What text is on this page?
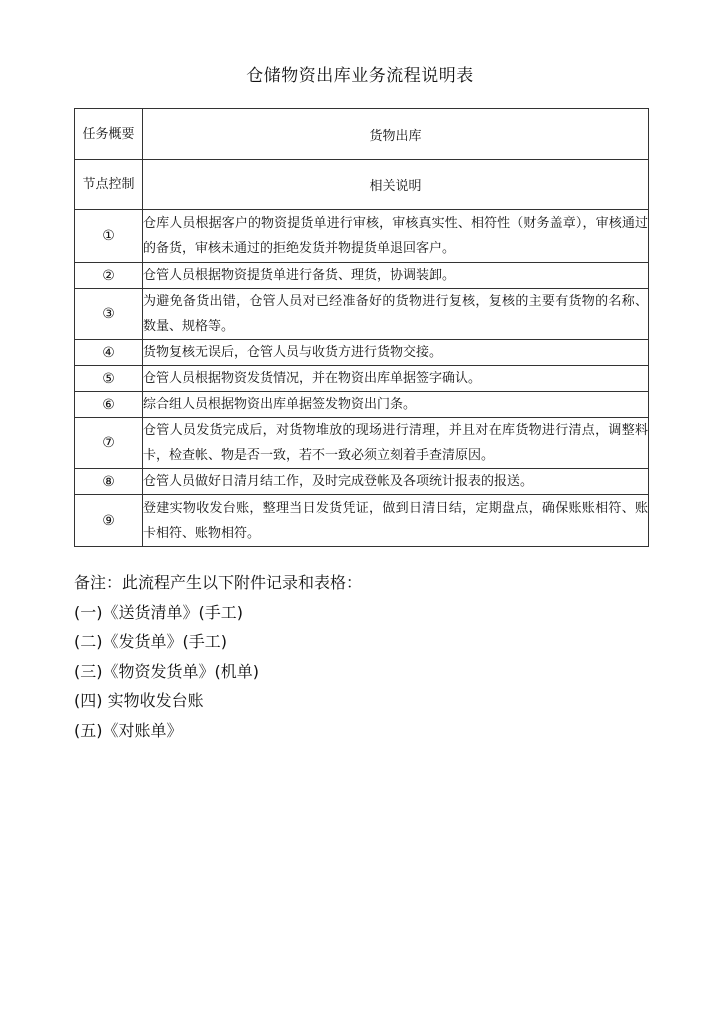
仓储物资出库业务流程说明表
任务概要	货物出库
节点控制	相关说明
①	仓库人员根据客户的物资提货单进行审核，审核真实性、相符性（财务盖章），审核通过的备货，审核未通过的拒绝发货并物提货单退回客户。
②	仓管人员根据物资提货单进行备货、理货，协调装卸。
③	为避免备货出错，仓管人员对已经准备好的货物进行复核，复核的主要有货物的名称、数量、规格等。
④	货物复核无误后，仓管人员与收货方进行货物交接。
⑤	仓管人员根据物资发货情况，并在物资出库单据签字确认。
⑥	综合组人员根据物资出库单据签发物资出门条。
⑦	仓管人员发货完成后，对货物堆放的现场进行清理，并且对在库货物进行清点，调整料卡，检查帐、物是否一致，若不一致必须立刻着手查清原因。
⑧	仓管人员做好日清月结工作，及时完成登帐及各项统计报表的报送。
⑨	登建实物收发台账，整理当日发货凭证，做到日清日结，定期盘点，确保账账相符、账卡相符、账物相符。
备注：此流程产生以下附件记录和表格：
(一)《送货清单》(手工)
(二)《发货单》(手工)
(三)《物资发货单》(机单)
(四) 实物收发台账
(五)《对账单》
